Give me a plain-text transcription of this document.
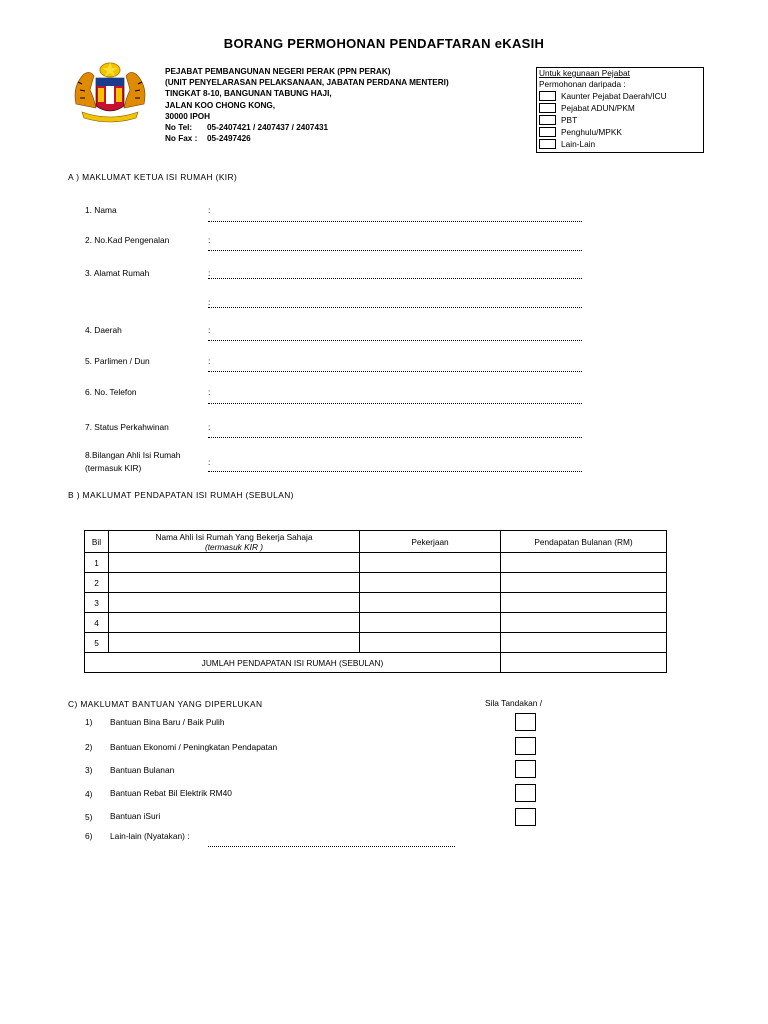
BORANG PERMOHONAN PENDAFTARAN eKASIH
PEJABAT PEMBANGUNAN NEGERI PERAK (PPN PERAK)
(UNIT PENYELARASAN PELAKSANAAN, JABATAN PERDANA MENTERI)
TINGKAT 8-10, BANGUNAN TABUNG HAJI,
JALAN KOO CHONG KONG,
30000 IPOH
No Tel: 05-2407421 / 2407437 / 2407431
No Fax : 05-2497426
Untuk kegunaan Pejabat
Permohonan daripada :
Kaunter Pejabat Daerah/ICU
Pejabat ADUN/PKM
PBT
Penghulu/MPKK
Lain-Lain
A ) MAKLUMAT KETUA ISI RUMAH (KIR)
1. Nama	:
2. No.Kad Pengenalan	:
3. Alamat Rumah	:
:
4. Daerah	:
5. Parlimen / Dun	:
6. No. Telefon	:
7. Status Perkahwinan	:
8.Bilangan Ahli Isi Rumah
(termasuk KIR)
:
B ) MAKLUMAT PENDAPATAN ISI RUMAH (SEBULAN)
Bil	Nama Ahli Isi Rumah Yang Bekerja Sahaja
(termasuk KIR )	Pekerjaan	Pendapatan Bulanan (RM)
1			
2			
3			
4			
5			
JUMLAH PENDAPATAN ISI RUMAH (SEBULAN)			
C) MAKLUMAT BANTUAN YANG DIPERLUKAN	Sila Tandakan /
1) Bantuan Bina Baru / Baik Pulih
2) Bantuan Ekonomi / Peningkatan Pendapatan
3) Bantuan Bulanan
4) Bantuan Rebat Bil Elektrik RM40
5) Bantuan iSuri
6) Lain-lain (Nyatakan) :
